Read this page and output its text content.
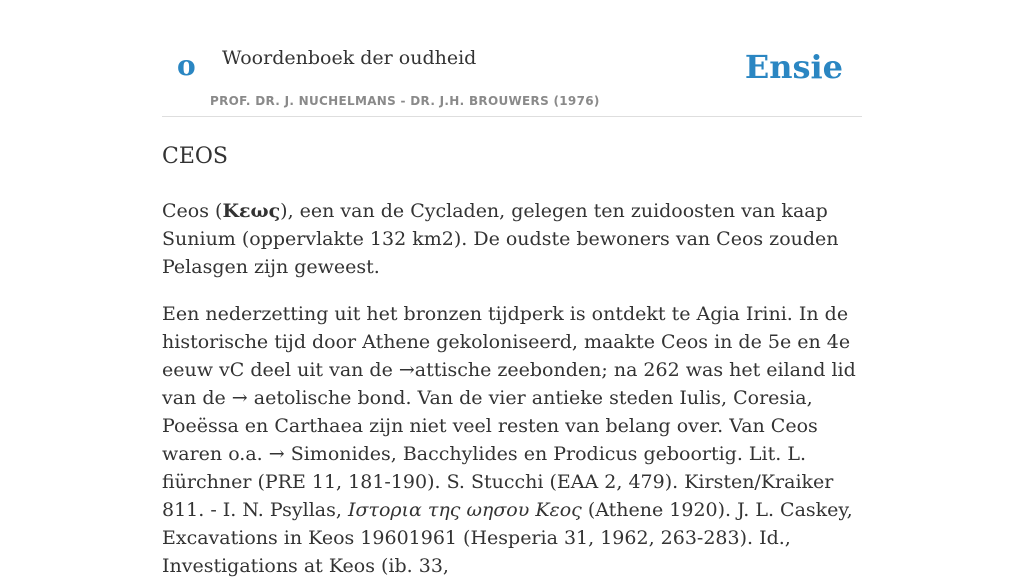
o Woordenboek der oudheid
PROF. DR. J. NUCHELMANS - DR. J.H. BROUWERS (1976)
Ensie
CEOS

Ceos (Κεως), een van de Cycladen, gelegen ten zuidoosten van kaap Sunium (oppervlakte 132 km2). De oudste bewoners van Ceos zouden Pelasgen zijn geweest.

Een nederzetting uit het bronzen tijdperk is ontdekt te Agia Irini. In de historische tijd door Athene gekoloniseerd, maakte Ceos in de 5e en 4e eeuw vC deel uit van de →attische zeebonden; na 262 was het eiland lid van de → aetolische bond. Van de vier antieke steden Iulis, Coresia, Poeëssa en Carthaea zijn niet veel resten van belang over. Van Ceos waren o.a. → Simonides, Bacchylides en Prodicus geboortig. Lit. L. fiürchner (PRE 11, 181-190). S. Stucchi (EAA 2, 479). Kirsten/Kraiker 811. - I. N. Psyllas, Ιστορια της ωησου Κεος (Athene 1920). J. L. Caskey, Excavations in Keos 19601961 (Hesperia 31, 1962, 263-283). Id., Investigations at Keos (ib. 33,
